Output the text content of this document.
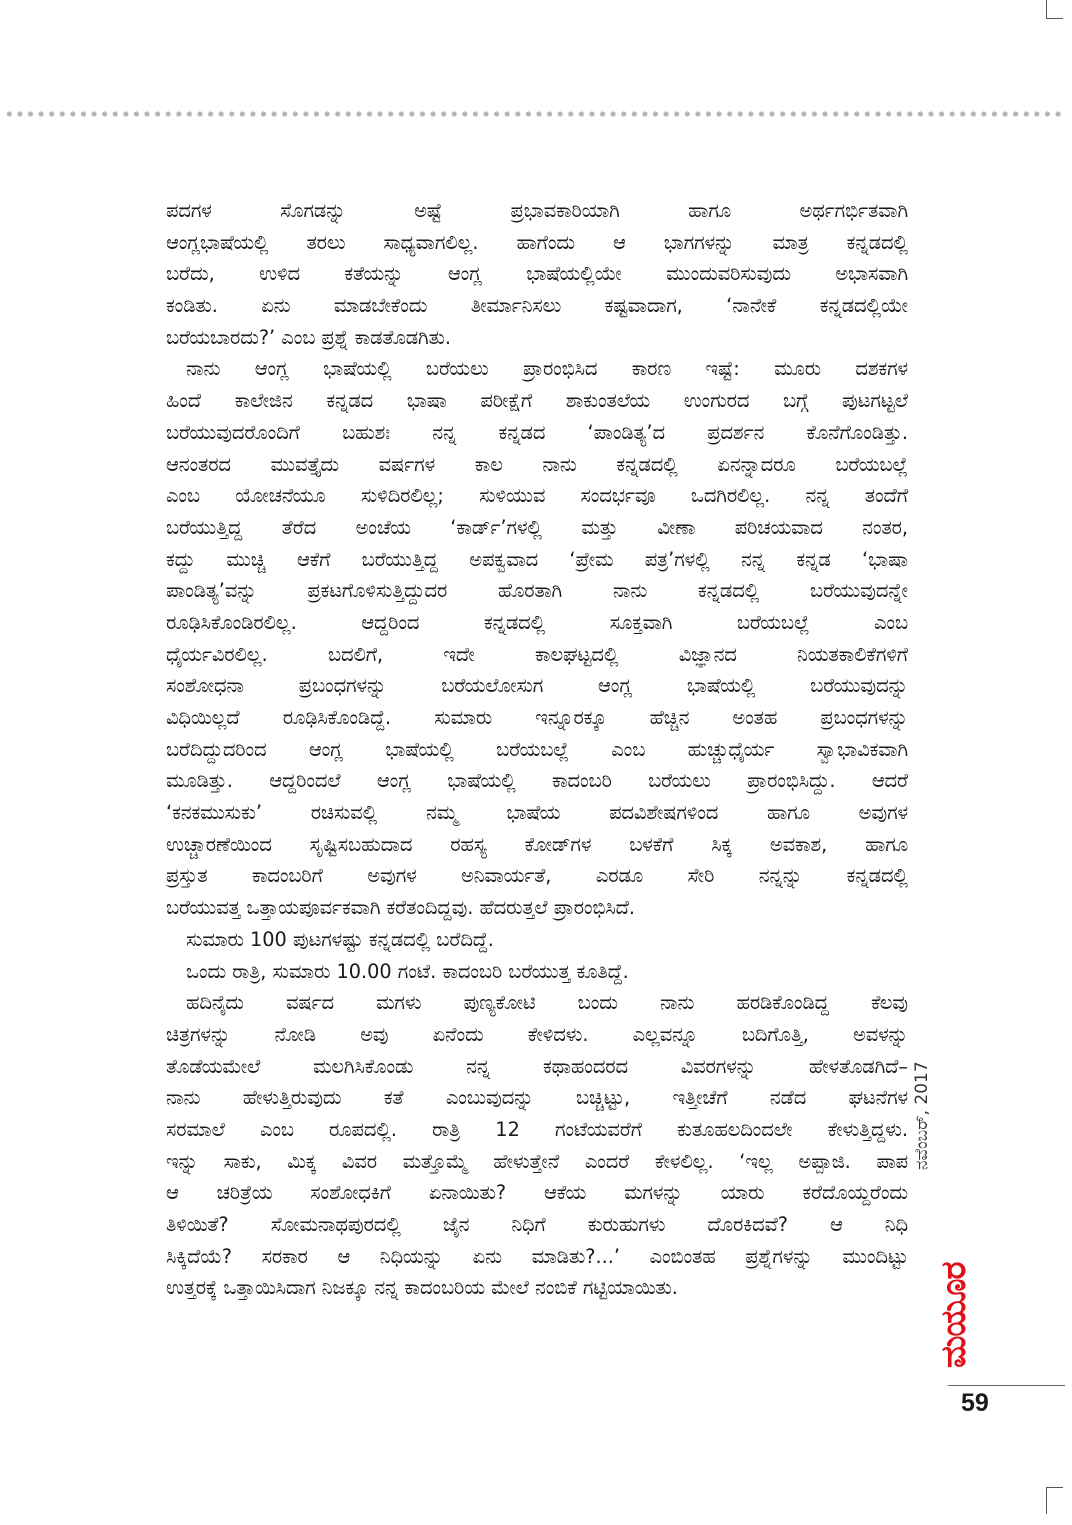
ಪದಗಳ ಸೊಗಡನ್ನು ಅಷ್ಟೆ ಪ್ರಭಾವಕಾರಿಯಾಗಿ ಹಾಗೂ ಅರ್ಥಗರ್ಭಿತವಾಗಿ
ಆಂಗ್ಲಭಾಷೆಯಲ್ಲಿ ತರಲು ಸಾಧ್ಯವಾಗಲಿಲ್ಲ. ಹಾಗೆಂದು ಆ ಭಾಗಗಳನ್ನು ಮಾತ್ರ ಕನ್ನಡದಲ್ಲಿ
ಬರೆದು, ಉಳಿದ ಕತೆಯನ್ನು ಆಂಗ್ಲ ಭಾಷೆಯಲ್ಲಿಯೇ ಮುಂದುವರಿಸುವುದು ಅಭಾಸವಾಗಿ
ಕಂಡಿತು. ಏನು ಮಾಡಬೇಕೆಂದು ತೀರ್ಮಾನಿಸಲು ಕಷ್ಟವಾದಾಗ, ‘ನಾನೇಕೆ ಕನ್ನಡದಲ್ಲಿಯೇ
ಬರೆಯಬಾರದು?’ ಎಂಬ ಪ್ರಶ್ನೆ ಕಾಡತೊಡಗಿತು.
ನಾನು ಆಂಗ್ಲ ಭಾಷೆಯಲ್ಲಿ ಬರೆಯಲು ಪ್ರಾರಂಭಿಸಿದ ಕಾರಣ ಇಷ್ಟೆ: ಮೂರು ದಶಕಗಳ
ಹಿಂದೆ ಕಾಲೇಜಿನ ಕನ್ನಡದ ಭಾಷಾ ಪರೀಕ್ಷೆಗೆ ಶಾಕುಂತಲೆಯ ಉಂಗುರದ ಬಗ್ಗೆ ಪುಟಗಟ್ಟಲೆ
ಬರೆಯುವುದರೊಂದಿಗೆ ಬಹುಶಃ ನನ್ನ ಕನ್ನಡದ ‘ಪಾಂಡಿತ್ಯ’ದ ಪ್ರದರ್ಶನ ಕೊನೆಗೊಂಡಿತ್ತು.
ಆನಂತರದ ಮುವತ್ತೈದು ವರ್ಷಗಳ ಕಾಲ ನಾನು ಕನ್ನಡದಲ್ಲಿ ಏನನ್ನಾದರೂ ಬರೆಯಬಲ್ಲೆ
ಎಂಬ ಯೋಚನೆಯೂ ಸುಳಿದಿರಲಿಲ್ಲ; ಸುಳಿಯುವ ಸಂದರ್ಭವೂ ಒದಗಿರಲಿಲ್ಲ. ನನ್ನ ತಂದೆಗೆ
ಬರೆಯುತ್ತಿದ್ದ ತೆರೆದ ಅಂಚೆಯ ‘ಕಾರ್ಡ್’ಗಳಲ್ಲಿ ಮತ್ತು ವೀಣಾ ಪರಿಚಯವಾದ ನಂತರ,
ಕದ್ದು ಮುಚ್ಚಿ ಆಕೆಗೆ ಬರೆಯುತ್ತಿದ್ದ ಅಪಕ್ವವಾದ ‘ಪ್ರೇಮ ಪತ್ರ’ಗಳಲ್ಲಿ ನನ್ನ ಕನ್ನಡ ‘ಭಾಷಾ
ಪಾಂಡಿತ್ಯ’ವನ್ನು ಪ್ರಕಟಗೊಳಿಸುತ್ತಿದ್ದುದರ ಹೊರತಾಗಿ ನಾನು ಕನ್ನಡದಲ್ಲಿ ಬರೆಯುವುದನ್ನೇ
ರೂಢಿಸಿಕೊಂಡಿರಲಿಲ್ಲ. ಆದ್ದರಿಂದ ಕನ್ನಡದಲ್ಲಿ ಸೂಕ್ತವಾಗಿ ಬರೆಯಬಲ್ಲೆ ಎಂಬ
ಧೈರ್ಯವಿರಲಿಲ್ಲ. ಬದಲಿಗೆ, ಇದೇ ಕಾಲಘಟ್ಟದಲ್ಲಿ ವಿಜ್ಞಾನದ ನಿಯತಕಾಲಿಕೆಗಳಿಗೆ
ಸಂಶೋಧನಾ ಪ್ರಬಂಧಗಳನ್ನು ಬರೆಯಲೋಸುಗ ಆಂಗ್ಲ ಭಾಷೆಯಲ್ಲಿ ಬರೆಯುವುದನ್ನು
ವಿಧಿಯಿಲ್ಲದೆ ರೂಢಿಸಿಕೊಂಡಿದ್ದೆ. ಸುಮಾರು ಇನ್ನೂರಕ್ಕೂ ಹೆಚ್ಚಿನ ಅಂತಹ ಪ್ರಬಂಧಗಳನ್ನು
ಬರೆದಿದ್ದುದರಿಂದ ಆಂಗ್ಲ ಭಾಷೆಯಲ್ಲಿ ಬರೆಯಬಲ್ಲೆ ಎಂಬ ಹುಚ್ಚುಧೈರ್ಯ ಸ್ವಾಭಾವಿಕವಾಗಿ
ಮೂಡಿತ್ತು. ಆದ್ದರಿಂದಲೆ ಆಂಗ್ಲ ಭಾಷೆಯಲ್ಲಿ ಕಾದಂಬರಿ ಬರೆಯಲು ಪ್ರಾರಂಭಿಸಿದ್ದು. ಆದರೆ
‘ಕನಕಮುಸುಕು’ ರಚಿಸುವಲ್ಲಿ ನಮ್ಮ ಭಾಷೆಯ ಪದವಿಶೇಷಗಳಿಂದ ಹಾಗೂ ಅವುಗಳ
ಉಚ್ಚಾರಣೆಯಿಂದ ಸೃಷ್ಟಿಸಬಹುದಾದ ರಹಸ್ಯ ಕೋಡ್‌ಗಳ ಬಳಕೆಗೆ ಸಿಕ್ಕ ಅವಕಾಶ, ಹಾಗೂ
ಪ್ರಸ್ತುತ ಕಾದಂಬರಿಗೆ ಅವುಗಳ ಅನಿವಾರ್ಯತೆ, ಎರಡೂ ಸೇರಿ ನನ್ನನ್ನು ಕನ್ನಡದಲ್ಲಿ
ಬರೆಯುವತ್ತ ಒತ್ತಾಯಪೂರ್ವಕವಾಗಿ ಕರೆತಂದಿದ್ದವು. ಹೆದರುತ್ತಲೆ ಪ್ರಾರಂಭಿಸಿದೆ.
ಸುಮಾರು 100 ಪುಟಗಳಷ್ಟು ಕನ್ನಡದಲ್ಲಿ ಬರೆದಿದ್ದೆ.
ಒಂದು ರಾತ್ರಿ, ಸುಮಾರು 10.00 ಗಂಟೆ. ಕಾದಂಬರಿ ಬರೆಯುತ್ತ ಕೂತಿದ್ದೆ.
ಹದಿನೈದು ವರ್ಷದ ಮಗಳು ಪುಣ್ಯಕೋಟಿ ಬಂದು ನಾನು ಹರಡಿಕೊಂಡಿದ್ದ ಕೆಲವು
ಚಿತ್ರಗಳನ್ನು ನೋಡಿ ಅವು ಏನೆಂದು ಕೇಳಿದಳು. ಎಲ್ಲವನ್ನೂ ಬದಿಗೊತ್ತಿ, ಅವಳನ್ನು
ತೊಡೆಯಮೇಲೆ ಮಲಗಿಸಿಕೊಂಡು ನನ್ನ ಕಥಾಹಂದರದ ವಿವರಗಳನ್ನು ಹೇಳತೊಡಗಿದೆ–
ನಾನು ಹೇಳುತ್ತಿರುವುದು ಕತೆ ಎಂಬುವುದನ್ನು ಬಚ್ಚಿಟ್ಟು, ಇತ್ತೀಚೆಗೆ ನಡೆದ ಘಟನೆಗಳ
ಸರಮಾಲೆ ಎಂಬ ರೂಪದಲ್ಲಿ. ರಾತ್ರಿ 12 ಗಂಟೆಯವರೆಗೆ ಕುತೂಹಲದಿಂದಲೇ ಕೇಳುತ್ತಿದ್ದಳು.
ಇನ್ನು ಸಾಕು, ಮಿಕ್ಕ ವಿವರ ಮತ್ತೊಮ್ಮೆ ಹೇಳುತ್ತೇನೆ ಎಂದರೆ ಕೇಳಲಿಲ್ಲ. ‘ಇಲ್ಲ ಅಪ್ಪಾಜಿ. ಪಾಪ
ಆ ಚರಿತ್ರೆಯ ಸಂಶೋಧಕಿಗೆ ಏನಾಯಿತು? ಆಕೆಯ ಮಗಳನ್ನು ಯಾರು ಕರೆದೊಯ್ದರೆಂದು
ತಿಳಿಯಿತೆ? ಸೋಮನಾಥಪುರದಲ್ಲಿ ಜೈನ ನಿಧಿಗೆ ಕುರುಹುಗಳು ದೊರಕಿದವೆ? ಆ ನಿಧಿ
ಸಿಕ್ಕಿದೆಯೆ? ಸರಕಾರ ಆ ನಿಧಿಯನ್ನು ಏನು ಮಾಡಿತು?...’ ಎಂಬಿಂತಹ ಪ್ರಶ್ನೆಗಳನ್ನು ಮುಂದಿಟ್ಟು
ಉತ್ತರಕ್ಕೆ ಒತ್ತಾಯಿಸಿದಾಗ ನಿಜಕ್ಕೂ ನನ್ನ ಕಾದಂಬರಿಯ ಮೇಲೆ ನಂಬಿಕೆ ಗಟ್ಟಿಯಾಯಿತು.
ನವೆಂಬರ್, 2017
ಮಯೂರ
59
